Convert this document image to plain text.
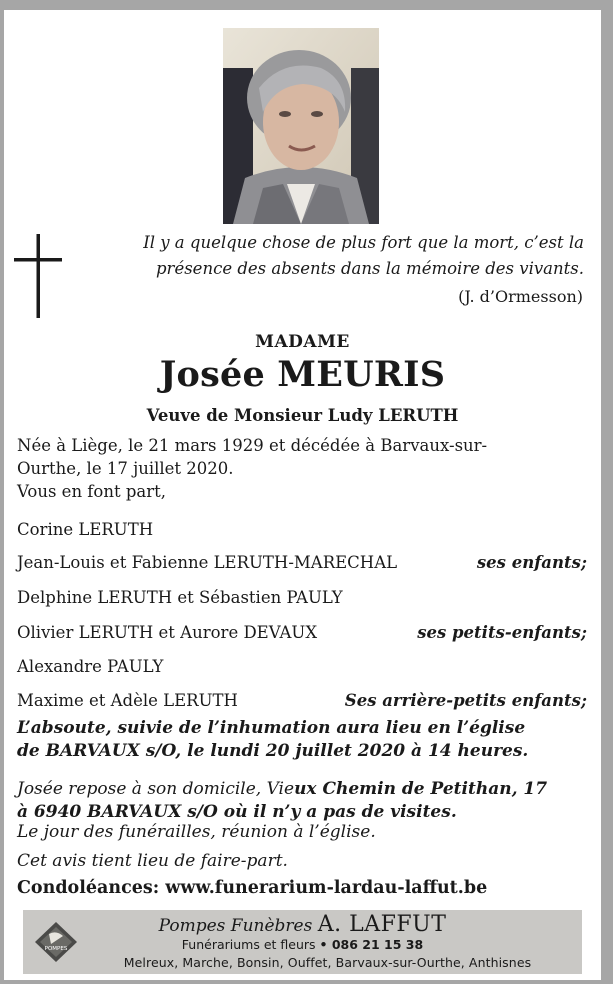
Il y a quelque chose de plus fort que la mort, c’est la
présence des absents dans la mémoire des vivants.
(J. d’Ormesson)
MADAME
Josée MEURIS
Veuve de Monsieur Ludy LERUTH
Née à Liège, le 21 mars 1929 et décédée à Barvaux-sur-
Ourthe, le 17 juillet 2020.
Vous en font part,
Corine LERUTH
Jean-Louis et Fabienne LERUTH-MARECHAL	ses enfants;
Delphine LERUTH et Sébastien PAULY
Olivier LERUTH et Aurore DEVAUX	ses petits-enfants;
Alexandre PAULY
Maxime et Adèle LERUTH	Ses arrière-petits enfants;
L’absoute, suivie de l’inhumation aura lieu en l’église
de BARVAUX s/O, le lundi 20 juillet 2020 à 14 heures.
Josée repose à son domicile, Vieux Chemin de Petithan, 17
à 6940 BARVAUX s/O où il n’y a pas de visites.
Le jour des funérailles, réunion à l’église.
Cet avis tient lieu de faire-part.
Condoléances: www.funerarium-lardau-laffut.be
POMPES
Pompes Funèbres A. LAFFUT
Funérariums et fleurs • 086 21 15 38
Melreux, Marche, Bonsin, Ouffet, Barvaux-sur-Ourthe, Anthisnes
